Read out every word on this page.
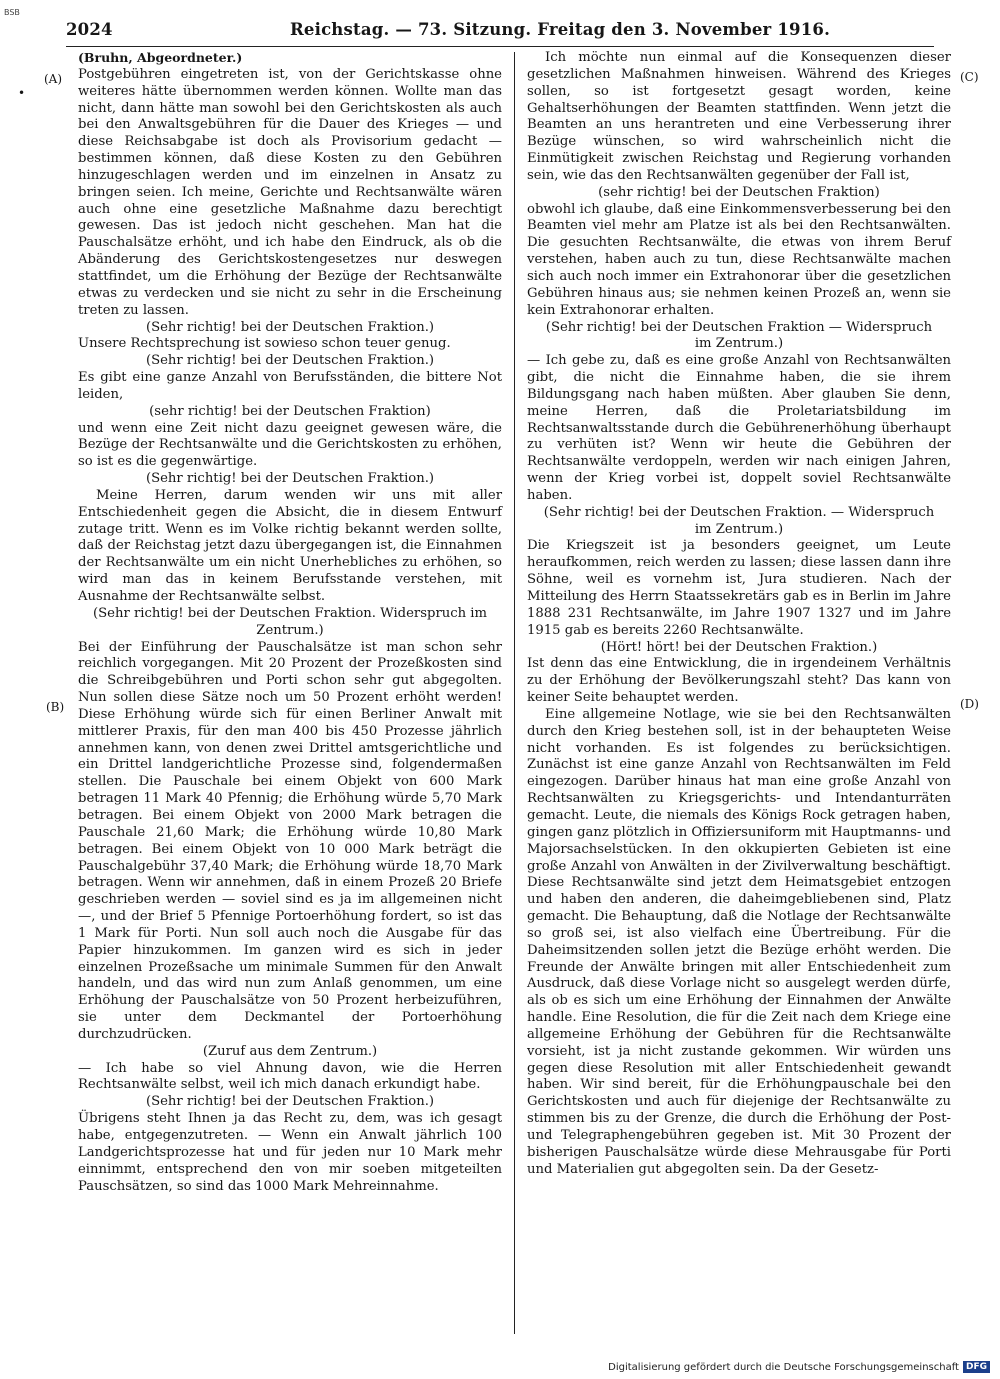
BSB
2024	Reichstag. — 73. Sitzung. Freitag den 3. November 1916.
•
(A)
(B)
(C)
(D)

(Bruhn, Abgeordneter.)

Postgebühren eingetreten ist, von der Gerichtskasse ohne weiteres hätte übernommen werden können. Wollte man das nicht, dann hätte man sowohl bei den Gerichtskosten als auch bei den Anwaltsgebühren für die Dauer des Krieges — und diese Reichsabgabe ist doch als Provisorium gedacht — bestimmen können, daß diese Kosten zu den Gebühren hinzugeschlagen werden und im einzelnen in Ansatz zu bringen seien. Ich meine, Gerichte und Rechtsanwälte wären auch ohne eine gesetzliche Maßnahme dazu berechtigt gewesen. Das ist jedoch nicht geschehen. Man hat die Pauschalsätze erhöht, und ich habe den Eindruck, als ob die Abänderung des Gerichtskostengesetzes nur deswegen stattfindet, um die Erhöhung der Bezüge der Rechtsanwälte etwas zu verdecken und sie nicht zu sehr in die Erscheinung treten zu lassen.

(Sehr richtig! bei der Deutschen Fraktion.)

Unsere Rechtsprechung ist sowieso schon teuer genug.

(Sehr richtig! bei der Deutschen Fraktion.)

Es gibt eine ganze Anzahl von Berufsständen, die bittere Not leiden,

(sehr richtig! bei der Deutschen Fraktion)

und wenn eine Zeit nicht dazu geeignet gewesen wäre, die Bezüge der Rechtsanwälte und die Gerichtskosten zu erhöhen, so ist es die gegenwärtige.

(Sehr richtig! bei der Deutschen Fraktion.)

Meine Herren, darum wenden wir uns mit aller Entschiedenheit gegen die Absicht, die in diesem Entwurf zutage tritt. Wenn es im Volke richtig bekannt werden sollte, daß der Reichstag jetzt dazu übergegangen ist, die Einnahmen der Rechtsanwälte um ein nicht Unerhebliches zu erhöhen, so wird man das in keinem Berufsstande verstehen, mit Ausnahme der Rechtsanwälte selbst.

(Sehr richtig! bei der Deutschen Fraktion. Widerspruch im Zentrum.)

Bei der Einführung der Pauschalsätze ist man schon sehr reichlich vorgegangen. Mit 20 Prozent der Prozeßkosten sind die Schreibgebühren und Porti schon sehr gut abgegolten. Nun sollen diese Sätze noch um 50 Prozent erhöht werden! Diese Erhöhung würde sich für einen Berliner Anwalt mit mittlerer Praxis, für den man 400 bis 450 Prozesse jährlich annehmen kann, von denen zwei Drittel amtsgerichtliche und ein Drittel landgerichtliche Prozesse sind, folgendermaßen stellen. Die Pauschale bei einem Objekt von 600 Mark betragen 11 Mark 40 Pfennig; die Erhöhung würde 5,70 Mark betragen. Bei einem Objekt von 2000 Mark betragen die Pauschale 21,60 Mark; die Erhöhung würde 10,80 Mark betragen. Bei einem Objekt von 10 000 Mark beträgt die Pauschalgebühr 37,40 Mark; die Erhöhung würde 18,70 Mark betragen. Wenn wir annehmen, daß in einem Prozeß 20 Briefe geschrieben werden — soviel sind es ja im allgemeinen nicht —, und der Brief 5 Pfennige Portoerhöhung fordert, so ist das 1 Mark für Porti. Nun soll auch noch die Ausgabe für das Papier hinzukommen. Im ganzen wird es sich in jeder einzelnen Prozeßsache um minimale Summen für den Anwalt handeln, und das wird nun zum Anlaß genommen, um eine Erhöhung der Pauschalsätze von 50 Prozent herbeizuführen, sie unter dem Deckmantel der Portoerhöhung durchzudrücken.

(Zuruf aus dem Zentrum.)

— Ich habe so viel Ahnung davon, wie die Herren Rechtsanwälte selbst, weil ich mich danach erkundigt habe.

(Sehr richtig! bei der Deutschen Fraktion.)

Übrigens steht Ihnen ja das Recht zu, dem, was ich gesagt habe, entgegenzutreten. — Wenn ein Anwalt jährlich 100 Landgerichtsprozesse hat und für jeden nur 10 Mark mehr einnimmt, entsprechend den von mir soeben mitgeteilten Pauschsätzen, so sind das 1000 Mark Mehreinnahme.

Ich möchte nun einmal auf die Konsequenzen dieser gesetzlichen Maßnahmen hinweisen. Während des Krieges sollen, so ist fortgesetzt gesagt worden, keine Gehaltserhöhungen der Beamten stattfinden. Wenn jetzt die Beamten an uns herantreten und eine Verbesserung ihrer Bezüge wünschen, so wird wahrscheinlich nicht die Einmütigkeit zwischen Reichstag und Regierung vorhanden sein, wie das den Rechtsanwälten gegenüber der Fall ist,

(sehr richtig! bei der Deutschen Fraktion)

obwohl ich glaube, daß eine Einkommensverbesserung bei den Beamten viel mehr am Platze ist als bei den Rechtsanwälten. Die gesuchten Rechtsanwälte, die etwas von ihrem Beruf verstehen, haben auch zu tun, diese Rechtsanwälte machen sich auch noch immer ein Extrahonorar über die gesetzlichen Gebühren hinaus aus; sie nehmen keinen Prozeß an, wenn sie kein Extrahonorar erhalten.

(Sehr richtig! bei der Deutschen Fraktion — Widerspruch im Zentrum.)

— Ich gebe zu, daß es eine große Anzahl von Rechtsanwälten gibt, die nicht die Einnahme haben, die sie ihrem Bildungsgang nach haben müßten. Aber glauben Sie denn, meine Herren, daß die Proletariatsbildung im Rechtsanwaltsstande durch die Gebührenerhöhung überhaupt zu verhüten ist? Wenn wir heute die Gebühren der Rechtsanwälte verdoppeln, werden wir nach einigen Jahren, wenn der Krieg vorbei ist, doppelt soviel Rechtsanwälte haben.

(Sehr richtig! bei der Deutschen Fraktion. — Widerspruch im Zentrum.)

Die Kriegszeit ist ja besonders geeignet, um Leute heraufkommen, reich werden zu lassen; diese lassen dann ihre Söhne, weil es vornehm ist, Jura studieren. Nach der Mitteilung des Herrn Staatssekretärs gab es in Berlin im Jahre 1888 231 Rechtsanwälte, im Jahre 1907 1327 und im Jahre 1915 gab es bereits 2260 Rechtsanwälte.

(Hört! hört! bei der Deutschen Fraktion.)

Ist denn das eine Entwicklung, die in irgendeinem Verhältnis zu der Erhöhung der Bevölkerungszahl steht? Das kann von keiner Seite behauptet werden.

Eine allgemeine Notlage, wie sie bei den Rechtsanwälten durch den Krieg bestehen soll, ist in der behaupteten Weise nicht vorhanden. Es ist folgendes zu berücksichtigen. Zunächst ist eine ganze Anzahl von Rechtsanwälten im Feld eingezogen. Darüber hinaus hat man eine große Anzahl von Rechtsanwälten zu Kriegsgerichts- und Intendanturräten gemacht. Leute, die niemals des Königs Rock getragen haben, gingen ganz plötzlich in Offiziersuniform mit Hauptmanns- und Majorsachselstücken. In den okkupierten Gebieten ist eine große Anzahl von Anwälten in der Zivilverwaltung beschäftigt. Diese Rechtsanwälte sind jetzt dem Heimatsgebiet entzogen und haben den anderen, die daheimgebliebenen sind, Platz gemacht. Die Behauptung, daß die Notlage der Rechtsanwälte so groß sei, ist also vielfach eine Übertreibung. Für die Daheimsitzenden sollen jetzt die Bezüge erhöht werden. Die Freunde der Anwälte bringen mit aller Entschiedenheit zum Ausdruck, daß diese Vorlage nicht so ausgelegt werden dürfe, als ob es sich um eine Erhöhung der Einnahmen der Anwälte handle. Eine Resolution, die für die Zeit nach dem Kriege eine allgemeine Erhöhung der Gebühren für die Rechtsanwälte vorsieht, ist ja nicht zustande gekommen. Wir würden uns gegen diese Resolution mit aller Entschiedenheit gewandt haben. Wir sind bereit, für die Erhöhungpauschale bei den Gerichtskosten und auch für diejenige der Rechtsanwälte zu stimmen bis zu der Grenze, die durch die Erhöhung der Post- und Telegraphengebühren gegeben ist. Mit 30 Prozent der bisherigen Pauschalsätze würde diese Mehrausgabe für Porti und Materialien gut abgegolten sein. Da der Gesetz-

Digitalisierung gefördert durch die Deutsche Forschungsgemeinschaft DFG
